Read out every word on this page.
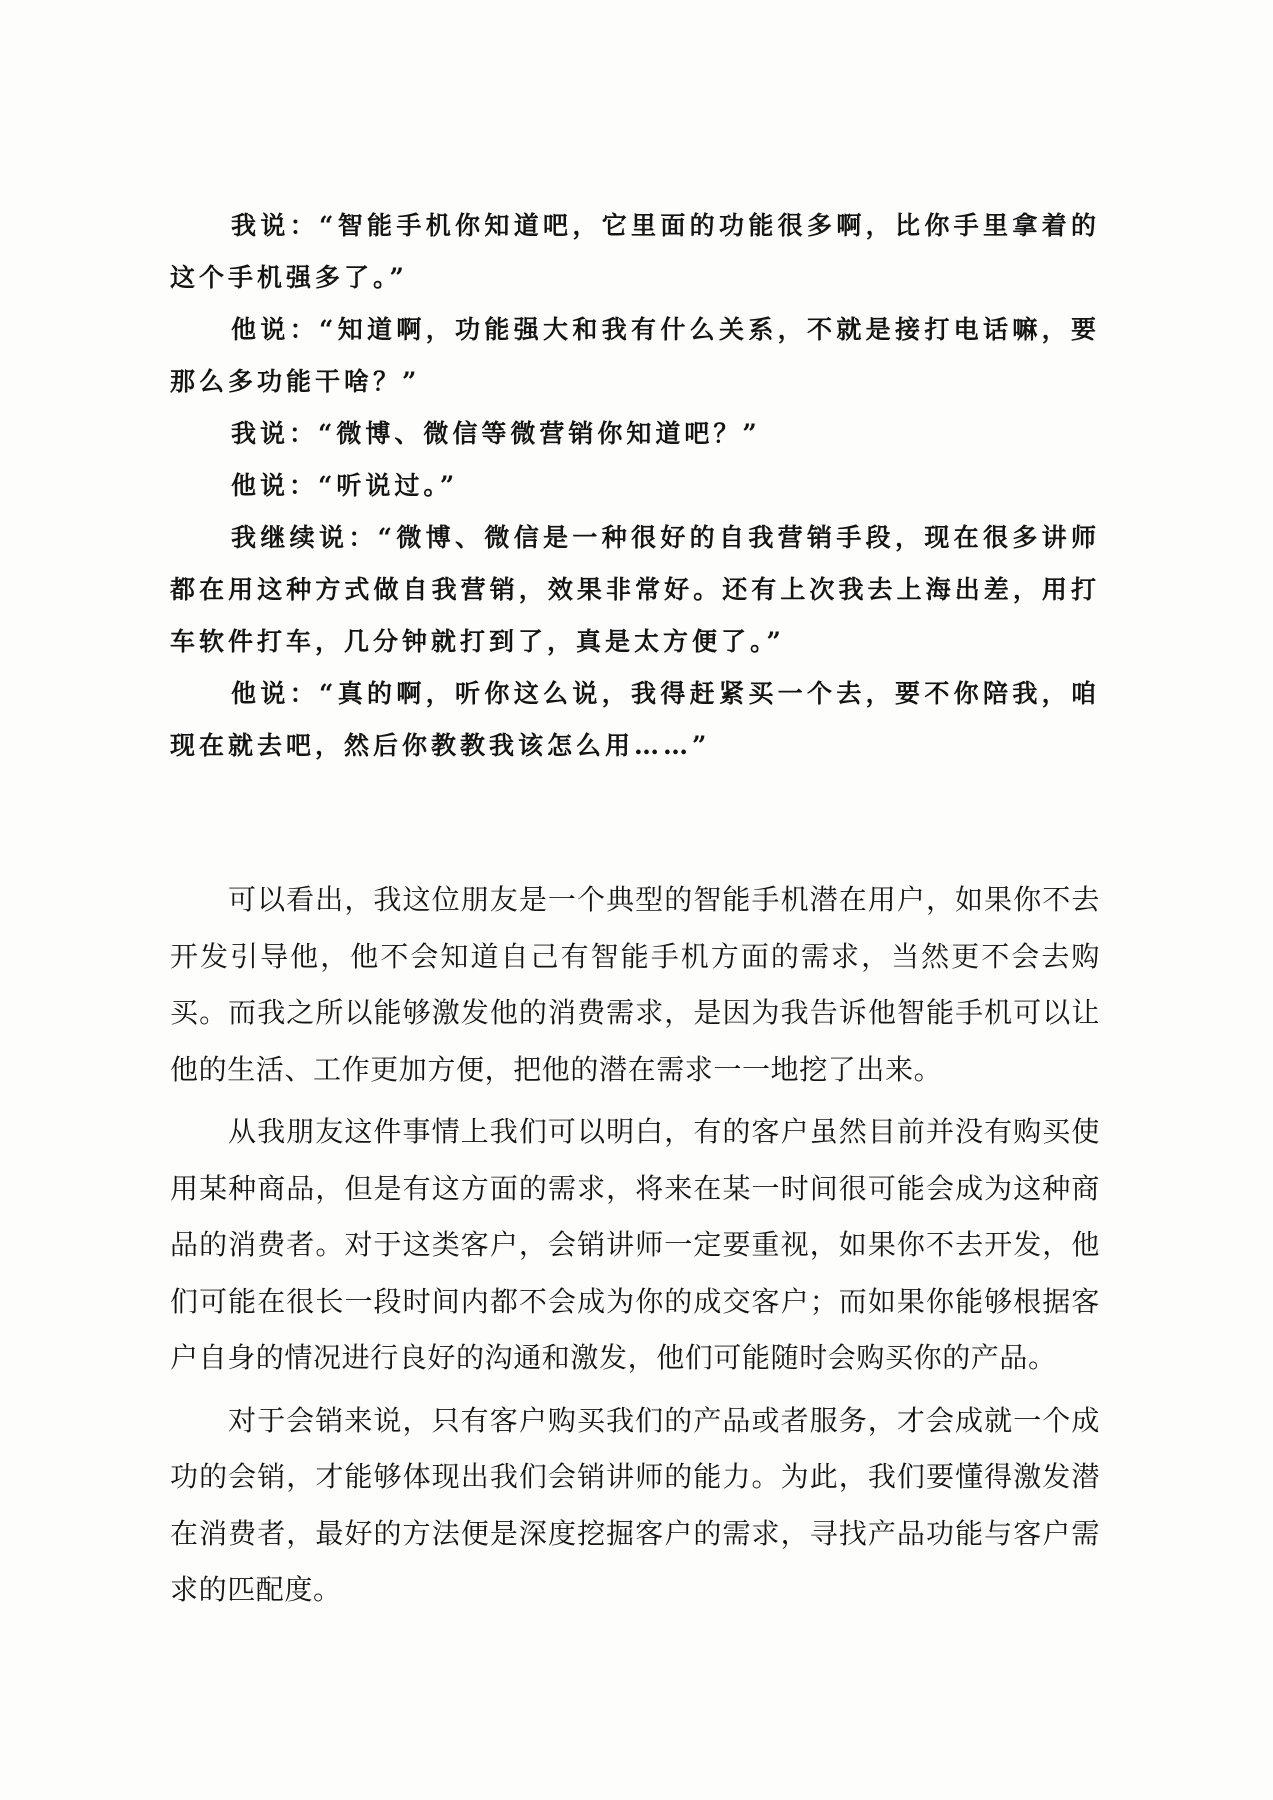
我说：“智能手机你知道吧，它里面的功能很多啊，比你手里拿着的这个手机强多了。”

他说：“知道啊，功能强大和我有什么关系，不就是接打电话嘛，要那么多功能干啥？”

我说：“微博、微信等微营销你知道吧？”

他说：“听说过。”

我继续说：“微博、微信是一种很好的自我营销手段，现在很多讲师都在用这种方式做自我营销，效果非常好。还有上次我去上海出差，用打车软件打车，几分钟就打到了，真是太方便了。”

他说：“真的啊，听你这么说，我得赶紧买一个去，要不你陪我，咱现在就去吧，然后你教教我该怎么用……”

可以看出，我这位朋友是一个典型的智能手机潜在用户，如果你不去开发引导他，他不会知道自己有智能手机方面的需求，当然更不会去购买。而我之所以能够激发他的消费需求，是因为我告诉他智能手机可以让他的生活、工作更加方便，把他的潜在需求一一地挖了出来。

从我朋友这件事情上我们可以明白，有的客户虽然目前并没有购买使用某种商品，但是有这方面的需求，将来在某一时间很可能会成为这种商品的消费者。对于这类客户，会销讲师一定要重视，如果你不去开发，他们可能在很长一段时间内都不会成为你的成交客户；而如果你能够根据客户自身的情况进行良好的沟通和激发，他们可能随时会购买你的产品。

对于会销来说，只有客户购买我们的产品或者服务，才会成就一个成功的会销，才能够体现出我们会销讲师的能力。为此，我们要懂得激发潜在消费者，最好的方法便是深度挖掘客户的需求，寻找产品功能与客户需求的匹配度。
